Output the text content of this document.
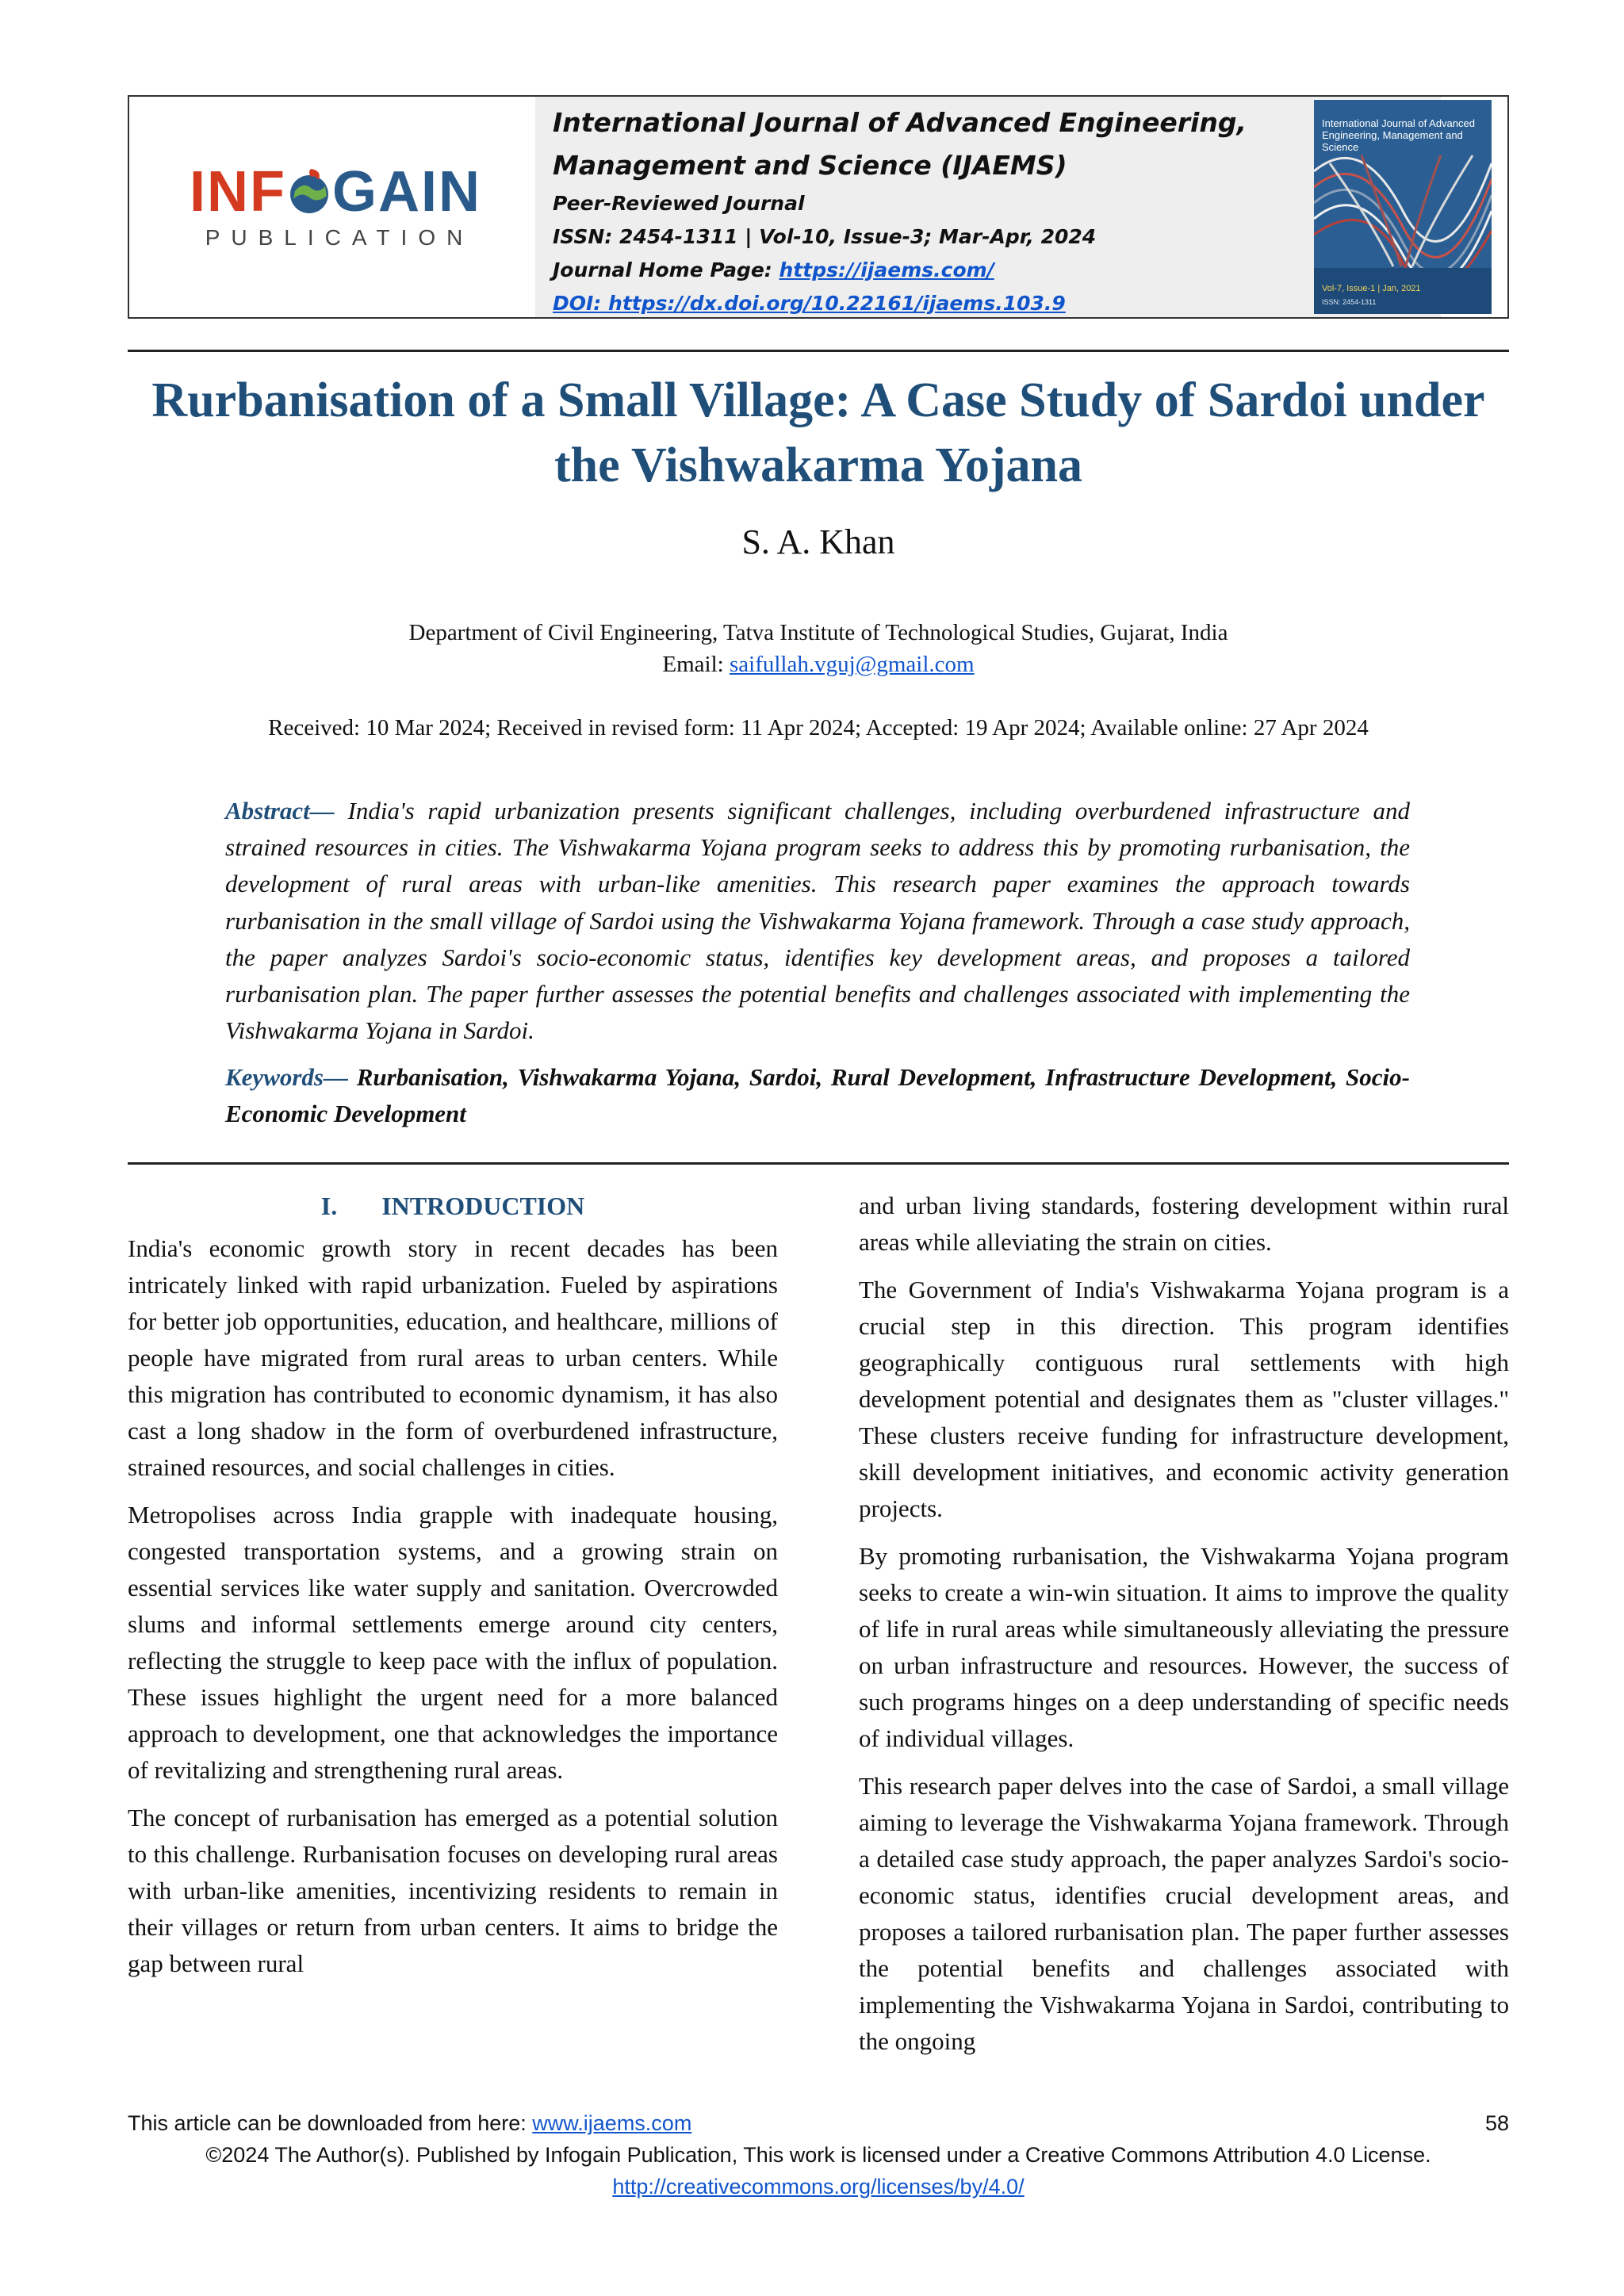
INF GAIN
PUBLICATION
International Journal of Advanced Engineering, Management and Science (IJAEMS)
Peer-Reviewed Journal
ISSN: 2454-1311 | Vol-10, Issue-3; Mar-Apr, 2024
Journal Home Page: https://ijaems.com/
DOI: https://dx.doi.org/10.22161/ijaems.103.9
International Journal of Advanced Engineering, Management and Science
Vol-7, Issue-1 | Jan, 2021
ISSN: 2454-1311
Rurbanisation of a Small Village: A Case Study of Sardoi under the Vishwakarma Yojana
S. A. Khan
Department of Civil Engineering, Tatva Institute of Technological Studies, Gujarat, India
Email: saifullah.vguj@gmail.com
Received: 10 Mar 2024; Received in revised form: 11 Apr 2024; Accepted: 19 Apr 2024; Available online: 27 Apr 2024

Abstract— India's rapid urbanization presents significant challenges, including overburdened infrastructure and strained resources in cities. The Vishwakarma Yojana program seeks to address this by promoting rurbanisation, the development of rural areas with urban-like amenities. This research paper examines the approach towards rurbanisation in the small village of Sardoi using the Vishwakarma Yojana framework. Through a case study approach, the paper analyzes Sardoi's socio-economic status, identifies key development areas, and proposes a tailored rurbanisation plan. The paper further assesses the potential benefits and challenges associated with implementing the Vishwakarma Yojana in Sardoi.

Keywords— Rurbanisation, Vishwakarma Yojana, Sardoi, Rural Development, Infrastructure Development, Socio-Economic Development

I. INTRODUCTION

India's economic growth story in recent decades has been intricately linked with rapid urbanization. Fueled by aspirations for better job opportunities, education, and healthcare, millions of people have migrated from rural areas to urban centers. While this migration has contributed to economic dynamism, it has also cast a long shadow in the form of overburdened infrastructure, strained resources, and social challenges in cities.

Metropolises across India grapple with inadequate housing, congested transportation systems, and a growing strain on essential services like water supply and sanitation. Overcrowded slums and informal settlements emerge around city centers, reflecting the struggle to keep pace with the influx of population. These issues highlight the urgent need for a more balanced approach to development, one that acknowledges the importance of revitalizing and strengthening rural areas.

The concept of rurbanisation has emerged as a potential solution to this challenge. Rurbanisation focuses on developing rural areas with urban-like amenities, incentivizing residents to remain in their villages or return from urban centers. It aims to bridge the gap between rural

and urban living standards, fostering development within rural areas while alleviating the strain on cities.

The Government of India's Vishwakarma Yojana program is a crucial step in this direction. This program identifies geographically contiguous rural settlements with high development potential and designates them as "cluster villages." These clusters receive funding for infrastructure development, skill development initiatives, and economic activity generation projects.

By promoting rurbanisation, the Vishwakarma Yojana program seeks to create a win-win situation. It aims to improve the quality of life in rural areas while simultaneously alleviating the pressure on urban infrastructure and resources. However, the success of such programs hinges on a deep understanding of specific needs of individual villages.

This research paper delves into the case of Sardoi, a small village aiming to leverage the Vishwakarma Yojana framework. Through a detailed case study approach, the paper analyzes Sardoi's socio-economic status, identifies crucial development areas, and proposes a tailored rurbanisation plan. The paper further assesses the potential benefits and challenges associated with implementing the Vishwakarma Yojana in Sardoi, contributing to the ongoing

This article can be downloaded from here: www.ijaems.com	58
©2024 The Author(s). Published by Infogain Publication, This work is licensed under a Creative Commons Attribution 4.0 License.
http://creativecommons.org/licenses/by/4.0/
